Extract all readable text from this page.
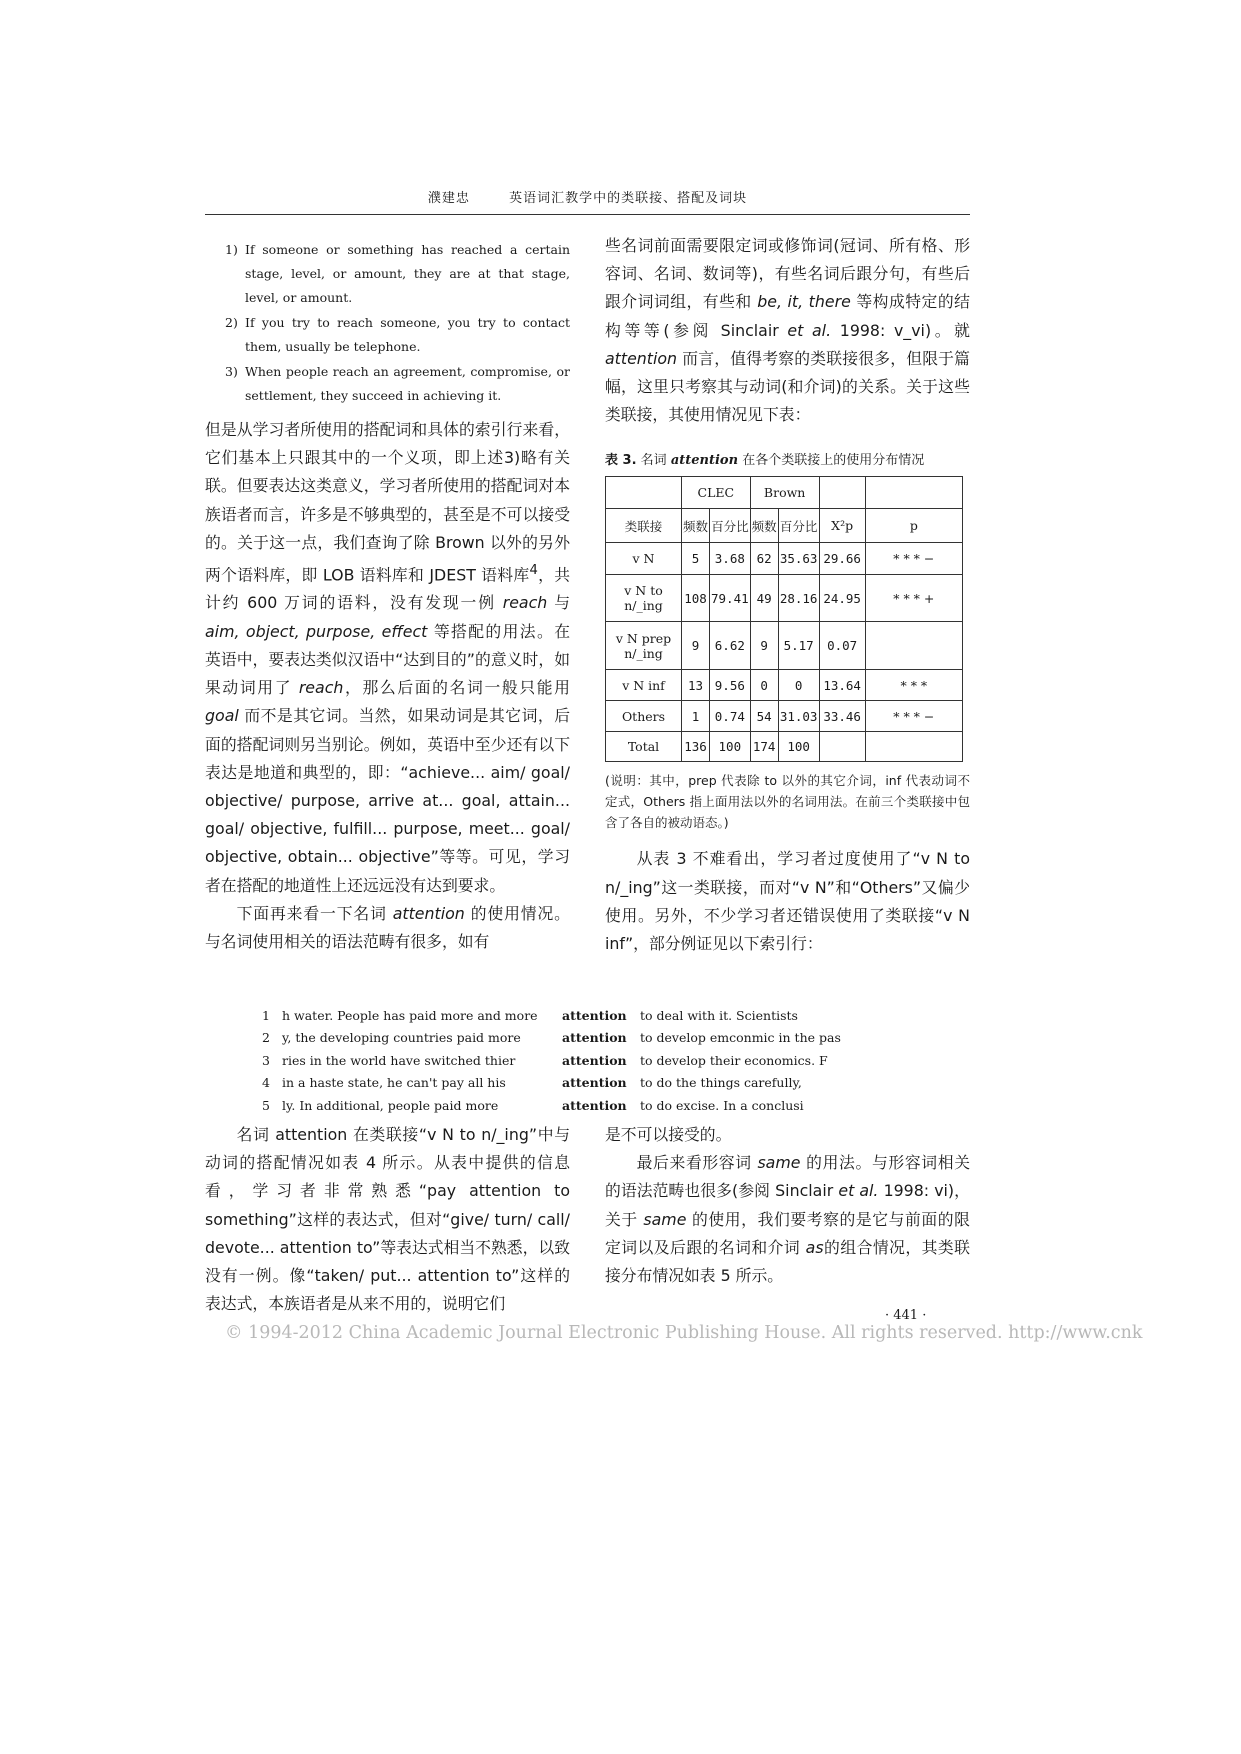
濮建忠	英语词汇教学中的类联接、搭配及词块
1) If someone or something has reached a certain stage, level, or amount, they are at that stage, level, or amount.
2) If you try to reach someone, you try to contact them, usually be telephone.
3) When people reach an agreement, compromise, or settlement, they succeed in achieving it.

但是从学习者所使用的搭配词和具体的索引行来看，它们基本上只跟其中的一个义项，即上述3)略有关联。但要表达这类意义，学习者所使用的搭配词对本族语者而言，许多是不够典型的，甚至是不可以接受的。关于这一点，我们查询了除 Brown 以外的另外两个语料库，即 LOB 语料库和 JDEST 语料库$^4$，共计约 600 万词的语料，没有发现一例 reach 与 aim, object, purpose, effect 等搭配的用法。在英语中，要表达类似汉语中“达到目的”的意义时，如果动词用了 reach，那么后面的名词一般只能用 goal 而不是其它词。当然，如果动词是其它词，后面的搭配词则另当别论。例如，英语中至少还有以下表达是地道和典型的，即：“achieve... aim/ goal/ objective/ purpose, arrive at... goal, attain... goal/ objective, fulfill... purpose, meet... goal/ objective, obtain... objective”等等。可见，学习者在搭配的地道性上还远远没有达到要求。

下面再来看一下名词 attention 的使用情况。与名词使用相关的语法范畴有很多，如有

些名词前面需要限定词或修饰词(冠词、所有格、形容词、名词、数词等)，有些名词后跟分句，有些后跟介词词组，有些和 be, it, there 等构成特定的结构等等(参阅 Sinclair et al. 1998: v_vi)。就 attention 而言，值得考察的类联接很多，但限于篇幅，这里只考察其与动词(和介词)的关系。关于这些类联接，其使用情况见下表：

表 3. 名词 attention 在各个类联接上的使用分布情况
	CLEC		Brown			
类联接	频数	百分比	频数	百分比	X²p	p
v N	5	3.68	62	35.63	29.66	* * * −
v N to n/_ing	108	79.41	49	28.16	24.95	* * * +
v N prep n/_ing	9	6.62	9	5.17	0.07	
v N inf	13	9.56	0	0	13.64	* * *
Others	1	0.74	54	31.03	33.46	* * * −
Total	136	100	174	100		

(说明：其中，prep 代表除 to 以外的其它介词，inf 代表动词不定式，Others 指上面用法以外的名词用法。在前三个类联接中包含了各自的被动语态。)

从表 3 不难看出，学习者过度使用了“v N to n/_ing”这一类联接，而对“v N”和“Others”又偏少使用。另外，不少学习者还错误使用了类联接“v N inf”，部分例证见以下索引行：

1 h water. People has paid more and more	attention	to deal with it. Scientists
2 y, the developing countries paid more	attention	to develop emconmic in the pas
3 ries in the world have switched thier	attention	to develop their economics. F
4 in a haste state, he can't pay all his	attention	to do the things carefully,
5 ly. In additional, people paid more	attention	to do excise. In a conclusi

名词 attention 在类联接“v N to n/_ing”中与动词的搭配情况如表 4 所示。从表中提供的信息看，学习者非常熟悉“pay attention to something”这样的表达式，但对“give/ turn/ call/ devote... attention to”等表达式相当不熟悉，以致没有一例。像“taken/ put... attention to”这样的表达式，本族语者是从来不用的，说明它们

是不可以接受的。

最后来看形容词 same 的用法。与形容词相关的语法范畴也很多(参阅 Sinclair et al. 1998: vi)，关于 same 的使用，我们要考察的是它与前面的限定词以及后跟的名词和介词 as的组合情况，其类联接分布情况如表 5 所示。

· 441 ·
© 1994-2012 China Academic Journal Electronic Publishing House. All rights reserved. http://www.cnk
